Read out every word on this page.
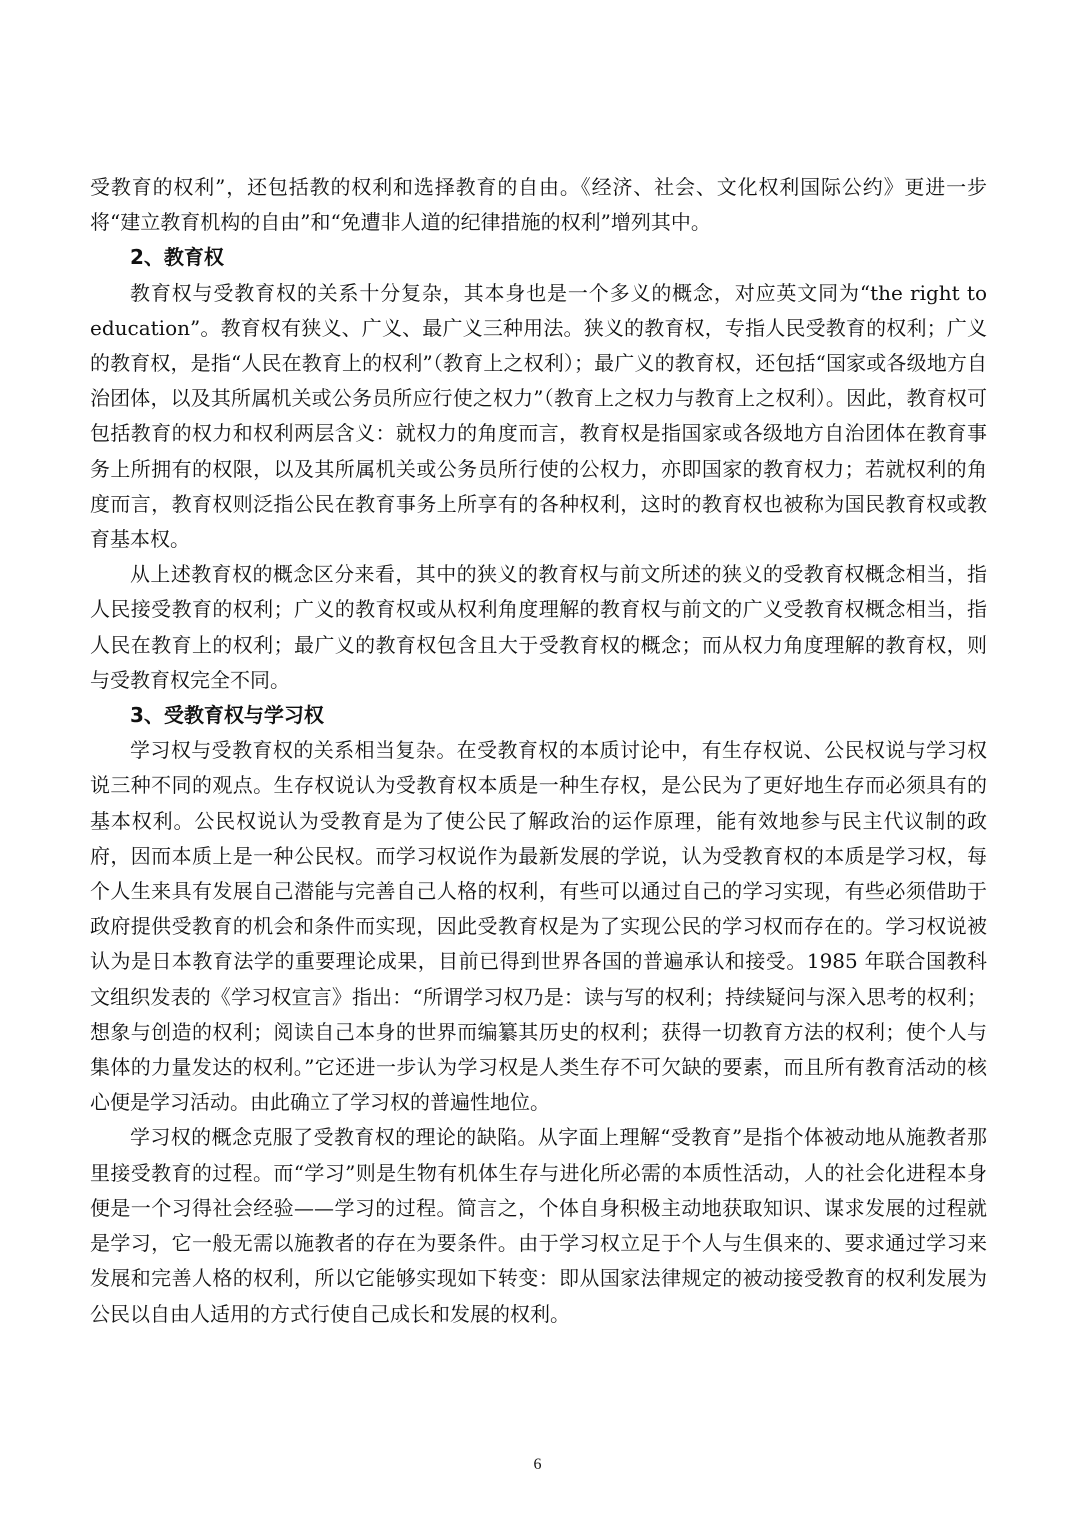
受教育的权利”，还包括教的权利和选择教育的自由。《经济、社会、文化权利国际公约》更进一步将“建立教育机构的自由”和“免遭非人道的纪律措施的权利”增列其中。

2、教育权

教育权与受教育权的关系十分复杂，其本身也是一个多义的概念，对应英文同为“the right to education”。教育权有狭义、广义、最广义三种用法。狭义的教育权，专指人民受教育的权利；广义的教育权，是指“人民在教育上的权利”（教育上之权利）；最广义的教育权，还包括“国家或各级地方自治团体，以及其所属机关或公务员所应行使之权力”（教育上之权力与教育上之权利）。因此，教育权可包括教育的权力和权利两层含义：就权力的角度而言，教育权是指国家或各级地方自治团体在教育事务上所拥有的权限，以及其所属机关或公务员所行使的公权力，亦即国家的教育权力；若就权利的角度而言，教育权则泛指公民在教育事务上所享有的各种权利，这时的教育权也被称为国民教育权或教育基本权。

从上述教育权的概念区分来看，其中的狭义的教育权与前文所述的狭义的受教育权概念相当，指人民接受教育的权利；广义的教育权或从权利角度理解的教育权与前文的广义受教育权概念相当，指人民在教育上的权利；最广义的教育权包含且大于受教育权的概念；而从权力角度理解的教育权，则与受教育权完全不同。

3、受教育权与学习权

学习权与受教育权的关系相当复杂。在受教育权的本质讨论中，有生存权说、公民权说与学习权说三种不同的观点。生存权说认为受教育权本质是一种生存权，是公民为了更好地生存而必须具有的基本权利。公民权说认为受教育是为了使公民了解政治的运作原理，能有效地参与民主代议制的政府，因而本质上是一种公民权。而学习权说作为最新发展的学说，认为受教育权的本质是学习权，每个人生来具有发展自己潜能与完善自己人格的权利，有些可以通过自己的学习实现，有些必须借助于政府提供受教育的机会和条件而实现，因此受教育权是为了实现公民的学习权而存在的。学习权说被认为是日本教育法学的重要理论成果，目前已得到世界各国的普遍承认和接受。1985 年联合国教科文组织发表的《学习权宣言》指出：“所谓学习权乃是：读与写的权利；持续疑问与深入思考的权利；想象与创造的权利；阅读自己本身的世界而编纂其历史的权利；获得一切教育方法的权利；使个人与集体的力量发达的权利。”它还进一步认为学习权是人类生存不可欠缺的要素，而且所有教育活动的核心便是学习活动。由此确立了学习权的普遍性地位。

学习权的概念克服了受教育权的理论的缺陷。从字面上理解“受教育”是指个体被动地从施教者那里接受教育的过程。而“学习”则是生物有机体生存与进化所必需的本质性活动，人的社会化进程本身便是一个习得社会经验——学习的过程。简言之，个体自身积极主动地获取知识、谋求发展的过程就是学习，它一般无需以施教者的存在为要条件。由于学习权立足于个人与生俱来的、要求通过学习来发展和完善人格的权利，所以它能够实现如下转变：即从国家法律规定的被动接受教育的权利发展为公民以自由人适用的方式行使自己成长和发展的权利。

6
